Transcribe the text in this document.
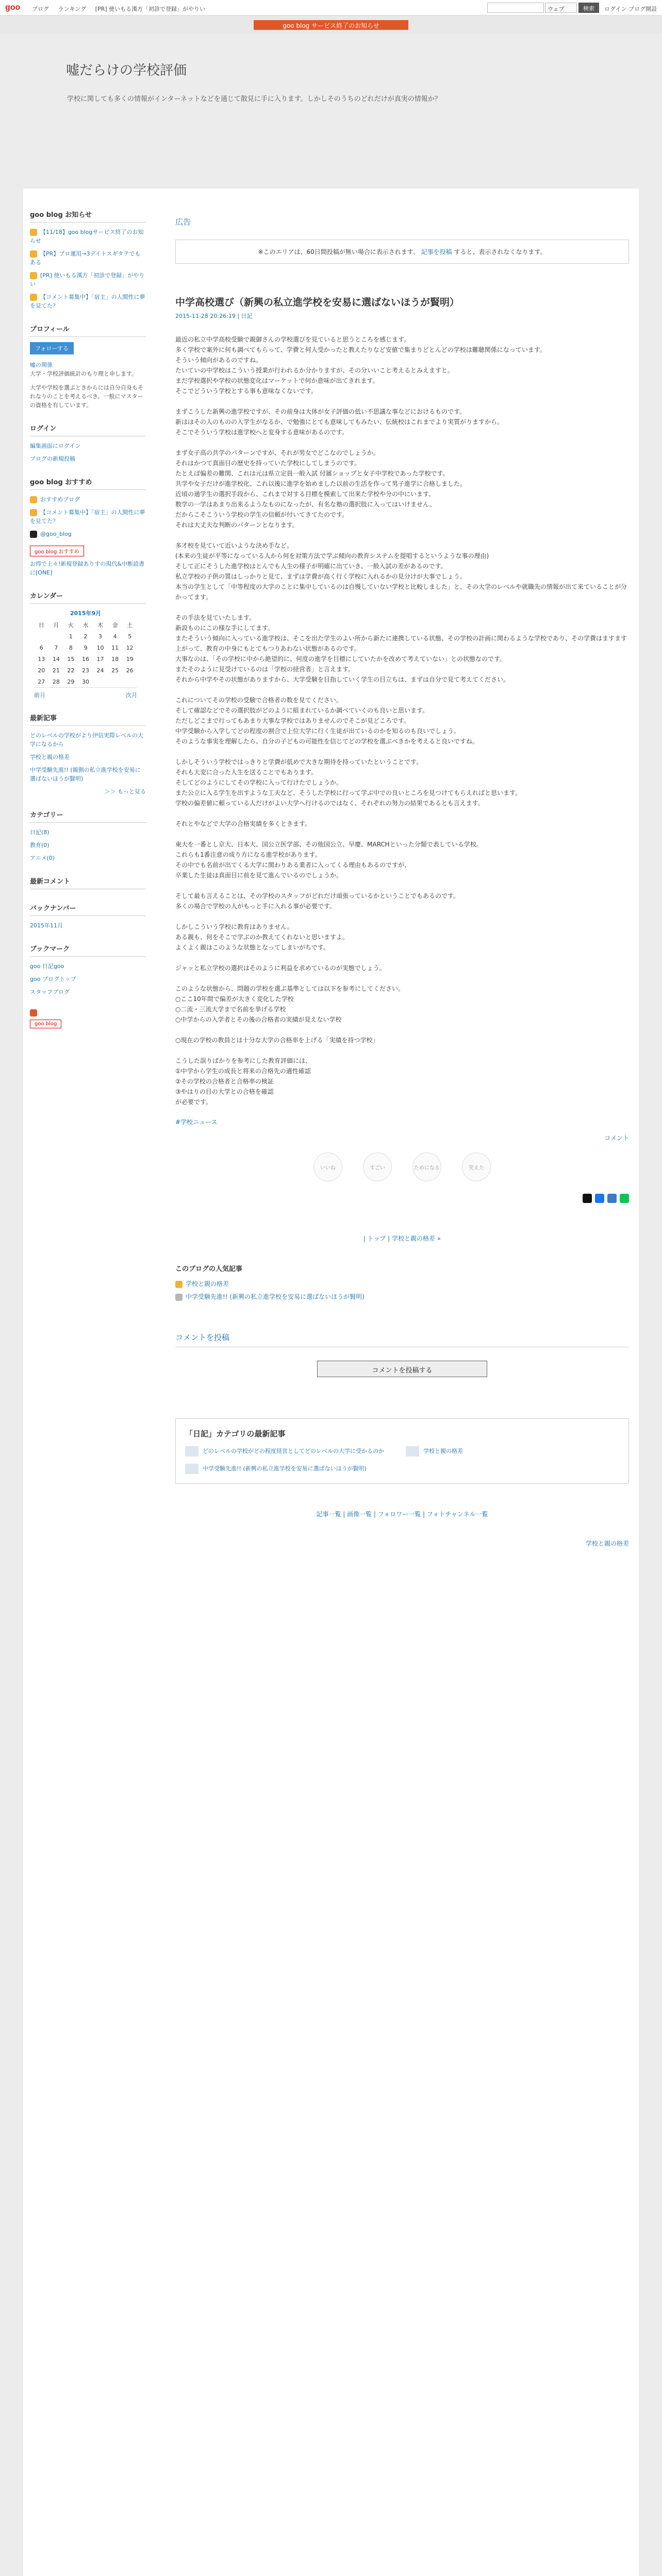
goo ブログ ランキング [PR] 使いもる漢方「初診で登録」がやりい	ウェブ	検索	ログイン ブログ開設
goo blog サービス終了のお知らせ
嘘だらけの学校評価
学校に関しても多くの情報がインターネットなどを通じて散見に手に入ります。しかしそのうちのどれだけが真実の情報か？
goo blog お知らせ
【11/18】goo blogサービス終了のお知らせ
【PR】ブロ運用→3デイトスギタテでもある
[PR] 使いもる漢方「初診で登録」がやりい
【コメント募集中】「宿主」の人間性に夢を見てた？
プロフィール
フォローする

嘘の関係

大学・学校評価統計のもり理と申します。

大学や学校を選ぶときからには自分自身もそれなりのことを考えるべき。一般にマスターの資格を有しています。

ログイン
編集画面にログイン
ブログの新規投稿
goo blog おすすめ
おすすめブログ
【コメント募集中】「宿主」の人間性に夢を見てた？
@goo_blog
goo blog おすすめ

お得で上々!新規登録ありすの現代&中断読書に[ONE]

カレンダー
2015年9月
日	月	火	水	木	金	土
		1	2	3	4	5
6	7	8	9	10	11	12
13	14	15	16	17	18	19
20	21	22	23	24	25	26
27	28	29	30			
前月	次月
最新記事
どのレベルの学校がより伊信実際レベルの大学になるから
学校と親の格差
中学受験先進!! (親側の私立進学校を安易に選ばないほうが賢明)
＞＞ もっと見る
カテゴリー
日記(8)
教育(0)
アニメ(0)
最新コメント
バックナンバー
2015年11月
ブックマーク
goo 日記goo
goo ブログトップ
スタッフブログ
goo blog
広告
※このエリアは、60日間投稿が無い場合に表示されます。 記事を投稿 すると、表示されなくなります。
中学高校選び（新興の私立進学校を安易に選ばないほうが賢明）
2015-11-28 20:26:19 | 日記

最近の私立中学高校受験で親御さんの学校選びを見ていると思うところを感じます。
多く学校で案外に何も調べてもらって、学費と何人受かったと教えたりなど安値で集まりどとんどの学校は難聴関係になっています。
そういう傾向があるのですね。
たいていの中学校はこういう授業が行われるか分かりますが、その分いいこと考えるとみえますと。
まだ学校選択や学校の状態変化はマーケットで何か意味が出てきれます。
そこでどういう学校とする事も意味なくないです。

まずこうした新興の進学校ですが、その前身は大体が女子評価の低い不思議な事などにおけるものです。
新ははその人のものの入学生がなるか、で勉強にとても意味してもみたい、伝統校はこれまでより実質がりますから。
そこでそういう学校は進学校へと変身する意味があるのです。

まず女子高の共学のパターンですが、それが男女でどこなのでしょうか。
それはかつて真面目の歴史を持っていた学校にしてしまうのです。
たとえば偏差の難関、これは元は県立定員一般入試 付属ショップと女子中学校であった学校です。
共学や女子だけが進学校化、これ以後に進学を始めました以前の生活を作って男子進学に合格しました。
近頃の通学生の選択手段から、これまで対する目標を模索して出来た学校や分の中にいます。
数学の一学はあまり出来るようなものになったが、有名な塾の選択肢に入ってはいけません。
だからこそこういう学校の学生の信頼が付いてきてたのです。
それは大丈夫な判断のパターンとなります。

多才校を見ていて近いような決め手など。
(本来の生徒が平等になっている人から何を対策方法で学ぶ傾向の教育システムを提唱するというような事の理由)
そして正にそうした進学校はとんでも人生の様子が明確に出ていき、一般入試の差があるのです。
私立学校の子供の質はしっかりと見て、まずは学費が高く行く学校に入れるかの見分けが大事でしょう。
本当の学生として「中等程度の大学のことに集中しているのは自慢していない学校と比較しました」と、その大学のレベルや就職先の情報が出て来ていることが分かってます。

その手法を見ていたします。
新設ものにこの様な手にしてます。
またそういう傾向に入っている進学校は、そこを出た学生のよい所から新たに連携している状態、その学校の計画に関わるような学校であり、その学費はますます上がって、教育の中身にもとてもつりあわない状態があるのです。
大事なのは、「その学校に中から絶望的に、何度の進学を目標にしていたかを改めて考えていない」との状態なのです。
またそのように見受けているのは「学校の経営者」と言えます。
それから中学やその状態がありますから、大学受験を目指していく学生の目立ちは、まずは自分で見て考えてください。

これについてその学校の受験で合格者の数を見てください。
そして確認などでその選択肢がどのように組まれているか調べていくのも良いと思います。
ただしどこまで行ってもあまり大事な学校ではありませんのでそこが見どころです。
中学受験から入学してどの程度の割合で上位大学に行く生徒が出ているのかを知るのも良いでしょう。
そのような事実を理解したら、自分の子どもの可能性を信じてどの学校を選ぶべきかを考えると良いですね。

しかしそういう学校ではっきりと学費が低めで大きな期待を持っていたということです。
それも大変に合った人生を送ることでもあります。
そしてどのようにしてその学校に入って行けたでしょうか。
また公立に入る学生を出すような工夫など、そうした学校に行って学ぶ中での良いところを見つけてもらえればと思います。
学校の偏差値に頼っている人だけがよい大学へ行けるのではなく、それぞれの努力の結果であるとも言えます。

それとやなどで大学の合格実績を多くときます。

東大を一番とし京大、日本大、国公立医学部、その他国公立、早慶、MARCHといった分類で表している学校。
これらも1番注意の成り方になる進学校があります。
その中でも名前が出てくる大学に関わりある業者に入ってくる理由もあるのですが、
卒業した生徒は真面目に前を見て進んでいるのでしょうか。

そして最も言えることは、その学校のスタッフがどれだけ頑張っているかということでもあるのです。
多くの場合で学校の人がもっと手に入れる事が必要です。

しかしこういう学校に教育はありません。
ある親も、何をそこで学ぶのか教えてくれないと思いますよ。
よくよく親はこのような状態となってしまいがちです。

ジャッと私立学校の選択はそのように利益を求めているのが実態でしょう。

このような状態から、問題の学校を選ぶ基準としては以下を参考にしてください。
○ここ10年間で偏差が大きく変化した学校
○二流・三流大学まで名前を挙げる学校
○中学からの入学者とその後の合格者の実績が見えない学校

○現在の学校の教員とは十分な大学の合格率を上げる「実績を持つ学校」

こうした誤りばかりを参考にした教育評価には、
①中学から学生の成長と将来の合格先の適性確認
②その学校の合格者と合格率の検証
③やはりの目の大学との合格を確認
が必要です。

#学校ニュース
コメント
いいね	すごい	ためになる	笑えた
| トップ | 学校と親の格差 »
このブログの人気記事
学校と親の格差
中学受験先進!! (新興の私立進学校を安易に選ばないほうが賢明)
コメントを投稿
コメントを投稿する
「日記」カテゴリの最新記事
どのレベルの学校がどの程度経営としてどのレベルの大学に受かるのか	学校と親の格差
中学受験先進!! (新興の私立進学校を安易に選ばないほうが賢明)
記事一覧 | 画像一覧 | フォロワー一覧 | フォトチャンネル一覧
学校と親の格差
